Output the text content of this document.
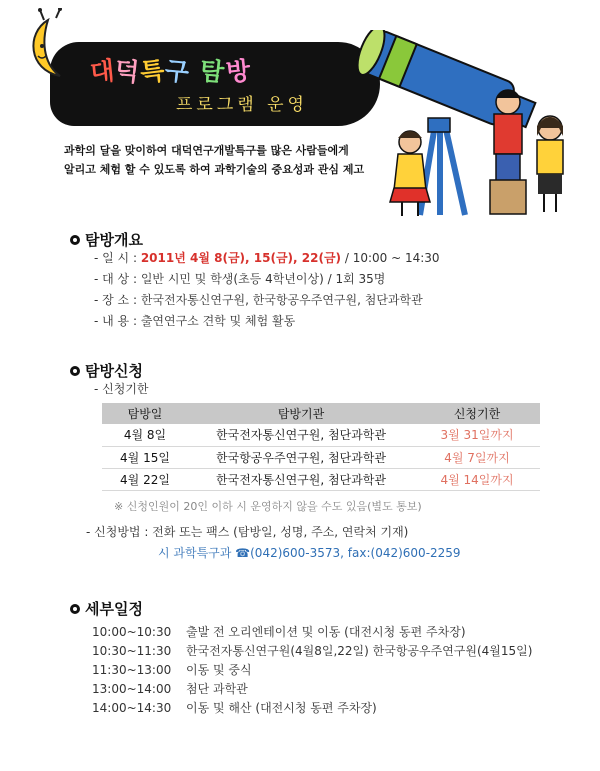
대덕특구 탐방
프로그램 운영

과학의 달을 맞이하여 대덕연구개발특구를 많은 사람들에게

알리고 체험 할 수 있도록 하여 과학기술의 중요성과 관심 제고

탐방개요
- 일 시 : 2011년 4월 8(금), 15(금), 22(금) / 10:00 ~ 14:30
- 대 상 : 일반 시민 및 학생(초등 4학년이상) / 1회 35명
- 장 소 : 한국전자통신연구원, 한국항공우주연구원, 첨단과학관
- 내 용 : 출연연구소 견학 및 체험 활동
탐방신청
- 신청기한
탐방일	탐방기관	신청기한
4월 8일	한국전자통신연구원, 첨단과학관	3월 31일까지
4월 15일	한국항공우주연구원, 첨단과학관	4월 7일까지
4월 22일	한국전자통신연구원, 첨단과학관	4월 14일까지
※ 신청인원이 20인 이하 시 운영하지 않을 수도 있음(별도 통보)
- 신청방법 : 전화 또는 팩스 (탐방일, 성명, 주소, 연락처 기재)
시 과학특구과 ☎(042)600-3573, fax:(042)600-2259
세부일정
10:00~10:30	출발 전 오리엔테이션 및 이동 (대전시청 동편 주차장)
10:30~11:30	한국전자통신연구원(4월8일,22일) 한국항공우주연구원(4월15일)
11:30~13:00	이동 및 중식
13:00~14:00	첨단 과학관
14:00~14:30	이동 및 해산 (대전시청 동편 주차장)
